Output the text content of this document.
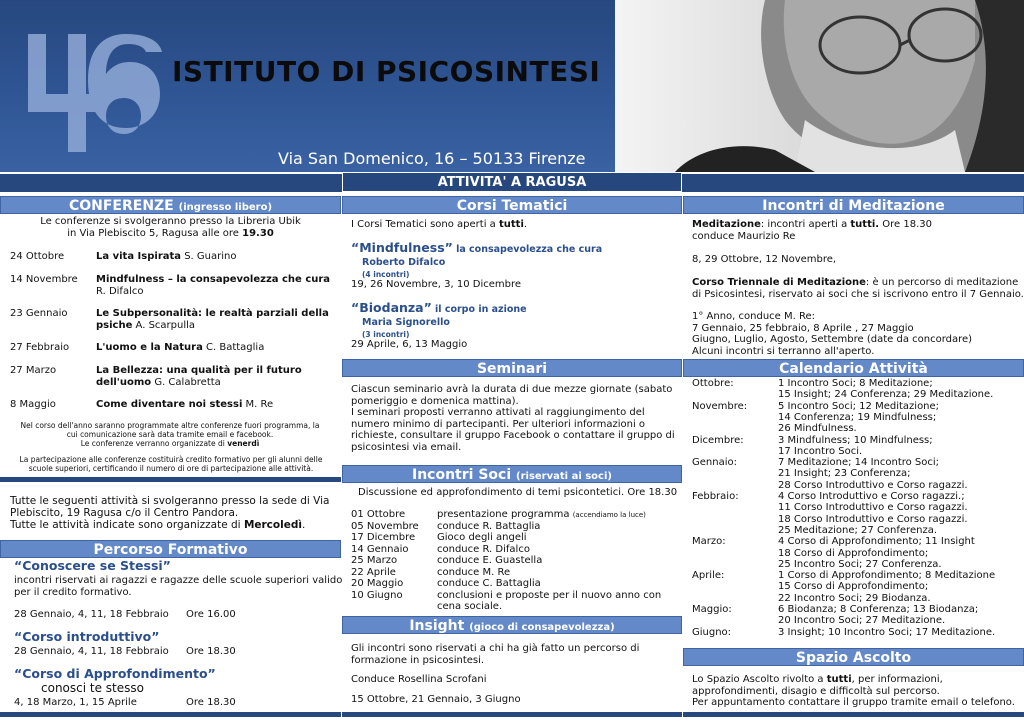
ISTITUTO DI PSICOSINTESI
Via San Domenico, 16 – 50133 Firenze
ATTIVITA' A RAGUSA
CONFERENZE (ingresso libero)
Le conferenze si svolgeranno presso la Libreria Ubik
in Via Plebiscito 5, Ragusa alle ore 19.30
24 Ottobre	La vita Ispirata S. Guarino
14 Novembre Mindfulness – la consapevolezza che cura
R. Difalco
23 Gennaio	Le Subpersonalità: le realtà parziali della
psiche A. Scarpulla
27 Febbraio	L'uomo e la Natura C. Battaglia
27 Marzo	La Bellezza: una qualità per il futuro
dell'uomo G. Calabretta
8 Maggio	Come diventare noi stessi M. Re
Nel corso dell'anno saranno programmate altre conferenze fuori programma, la cui comunicazione sarà data tramite email e facebook.
Le conferenze verranno organizzate di venerdì
La partecipazione alle conferenze costituirà credito formativo per gli alunni delle scuole superiori, certificando il numero di ore di partecipazione alle attività.
Tutte le seguenti attività si svolgeranno presso la sede di Via
Plebiscito, 19 Ragusa c/o il Centro Pandora.
Tutte le attività indicate sono organizzate di Mercoledì.
Percorso Formativo
“Conoscere se Stessi”
incontri riservati ai ragazzi e ragazze delle scuole superiori valido
per il credito formativo.
28 Gennaio, 4, 11, 18 Febbraio Ore 16.00
“Corso introduttivo”
28 Gennaio, 4, 11, 18 Febbraio Ore 18.30
“Corso di Approfondimento”
conosci te stesso
4, 18 Marzo, 1, 15 Aprile	Ore 18.30
Corsi Tematici
I Corsi Tematici sono aperti a tutti.
“Mindfulness” la consapevolezza che cura
Roberto Difalco
(4 incontri)
19, 26 Novembre, 3, 10 Dicembre
“Biodanza” il corpo in azione
Maria Signorello
(3 incontri)
29 Aprile, 6, 13 Maggio
Seminari
Ciascun seminario avrà la durata di due mezze giornate (sabato
pomeriggio e domenica mattina).
I seminari proposti verranno attivati al raggiungimento del
numero minimo di partecipanti. Per ulteriori informazioni o
richieste, consultare il gruppo Facebook o contattare il gruppo di
psicosintesi via email.
Incontri Soci (riservati ai soci)
Discussione ed approfondimento di temi psicontetici. Ore 18.30
01 Ottobre	presentazione programma (accendiamo la luce)
05 Novembre conduce R. Battaglia
17 Dicembre Gioco degli angeli
14 Gennaio	conduce R. Difalco
25 Marzo	conduce E. Guastella
22 Aprile	conduce M. Re
20 Maggio	conduce C. Battaglia
10 Giugno	conclusioni e proposte per il nuovo anno con
cena sociale.
Insight (gioco di consapevolezza)
Gli incontri sono riservati a chi ha già fatto un percorso di
formazione in psicosintesi.
Conduce Rosellina Scrofani
15 Ottobre, 21 Gennaio, 3 Giugno
Incontri di Meditazione
Meditazione: incontri aperti a tutti. Ore 18.30
conduce Maurizio Re
8, 29 Ottobre, 12 Novembre,
Corso Triennale di Meditazione: è un percorso di meditazione
di Psicosintesi, riservato ai soci che si iscrivono entro il 7 Gennaio.
1° Anno, conduce M. Re:
7 Gennaio, 25 febbraio, 8 Aprile , 27 Maggio
Giugno, Luglio, Agosto, Settembre (date da concordare)
Alcuni incontri si terranno all'aperto.
Calendario Attività
Ottobre:	1 Incontro Soci; 8 Meditazione;
15 Insight; 24 Conferenza; 29 Meditazione.
Novembre:	5 Incontro Soci; 12 Meditazione;
14 Conferenza; 19 Mindfulness;
26 Mindfulness.
Dicembre:	3 Mindfulness; 10 Mindfulness;
17 Incontro Soci.
Gennaio:	7 Meditazione; 14 Incontro Soci;
21 Insight; 23 Conferenza;
28 Corso Introduttivo e Corso ragazzi.
Febbraio:	4 Corso Introduttivo e Corso ragazzi.;
11 Corso Introduttivo e Corso ragazzi.
18 Corso Introduttivo e Corso ragazzi.
25 Meditazione; 27 Conferenza.
Marzo:	4 Corso di Approfondimento; 11 Insight
18 Corso di Approfondimento;
25 Incontro Soci; 27 Conferenza.
Aprile:	1 Corso di Approfondimento; 8 Meditazione
15 Corso di Approfondimento;
22 Incontro Soci; 29 Biodanza.
Maggio:	6 Biodanza; 8 Conferenza; 13 Biodanza;
20 Incontro Soci; 27 Meditazione.
Giugno:	3 Insight; 10 Incontro Soci; 17 Meditazione.
Spazio Ascolto
Lo Spazio Ascolto rivolto a tutti, per informazioni,
approfondimenti, disagio e difficoltà sul percorso.
Per appuntamento contattare il gruppo tramite email o telefono.
